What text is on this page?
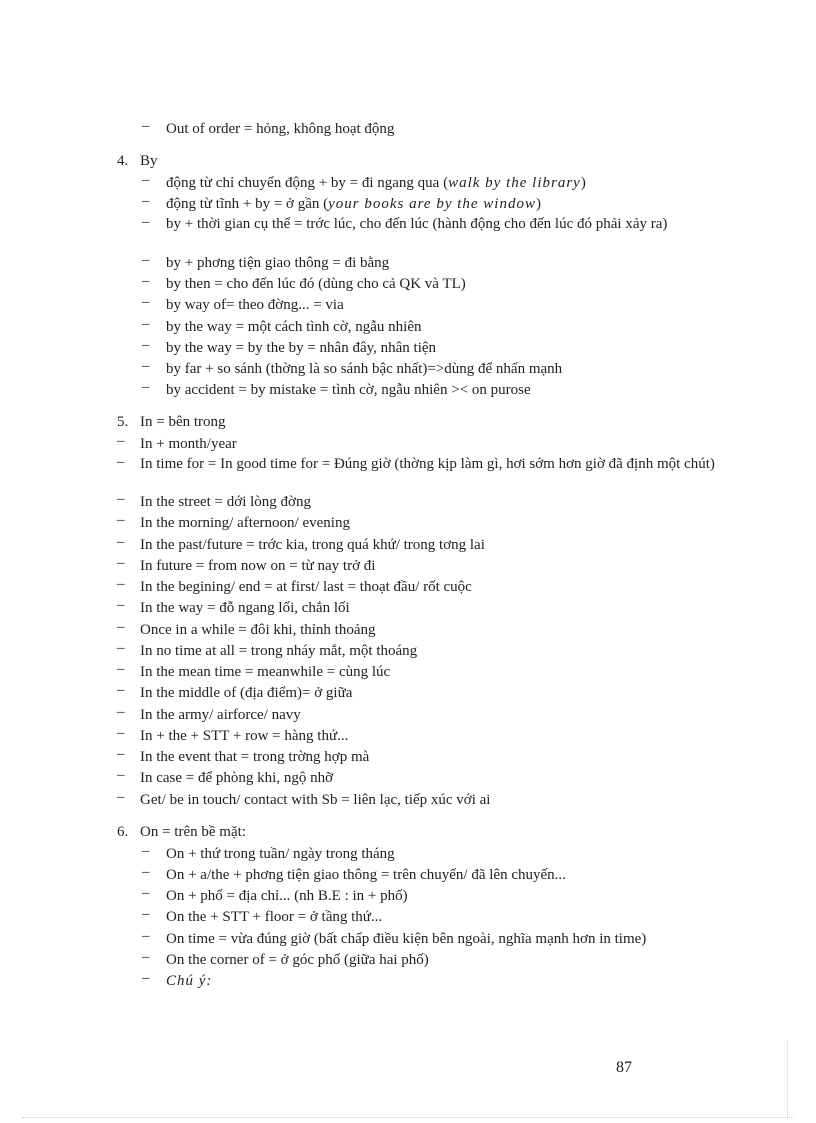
– Out of order = hỏng, không hoạt động
4. By
– động từ chỉ chuyển động + by = đi ngang qua (walk by the library)
– động từ tĩnh + by = ở gần (your books are by the window)
– by + thời gian cụ thể = trớc lúc, cho đến lúc (hành động cho đến lúc đó phải xảy ra)
– by + phơng tiện giao thông = đi bằng
– by then = cho đến lúc đó (dùng cho cả QK và TL)
– by way of= theo đờng... = via
– by the way = một cách tình cờ, ngẫu nhiên
– by the way = by the by = nhân đây, nhân tiện
– by far + so sánh (thờng là so sánh bậc nhất)=>dùng để nhấn mạnh
– by accident = by mistake = tình cờ, ngẫu nhiên >< on purose
5. In = bên trong
– In + month/year
– In time for = In good time for = Đúng giờ (thờng kịp làm gì, hơi sớm hơn giờ đã định một chút)
– In the street = dới lòng đờng
– In the morning/ afternoon/ evening
– In the past/future = trớc kia, trong quá khứ/ trong tơng lai
– In future = from now on = từ nay trở đi
– In the begining/ end = at first/ last = thoạt đầu/ rốt cuộc
– In the way = đỗ ngang lối, chắn lối
– Once in a while = đôi khi, thỉnh thoảng
– In no time at all = trong nháy mắt, một thoáng
– In the mean time = meanwhile = cùng lúc
– In the middle of (địa điểm)= ở giữa
– In the army/ airforce/ navy
– In + the + STT + row = hàng thứ...
– In the event that = trong trờng hợp mà
– In case = để phòng khi, ngộ nhỡ
– Get/ be in touch/ contact with Sb = liên lạc, tiếp xúc với ai
6. On = trên bề mặt:
– On + thứ trong tuần/ ngày trong tháng
– On + a/the + phơng tiện giao thông = trên chuyến/ đã lên chuyến...
– On + phố = địa chỉ... (nh B.E : in + phố)
– On the + STT + floor = ở tầng thứ...
– On time = vừa đúng giờ (bất chấp điều kiện bên ngoài, nghĩa mạnh hơn in time)
– On the corner of = ở góc phố (giữa hai phố)
– Chú ý:
87
